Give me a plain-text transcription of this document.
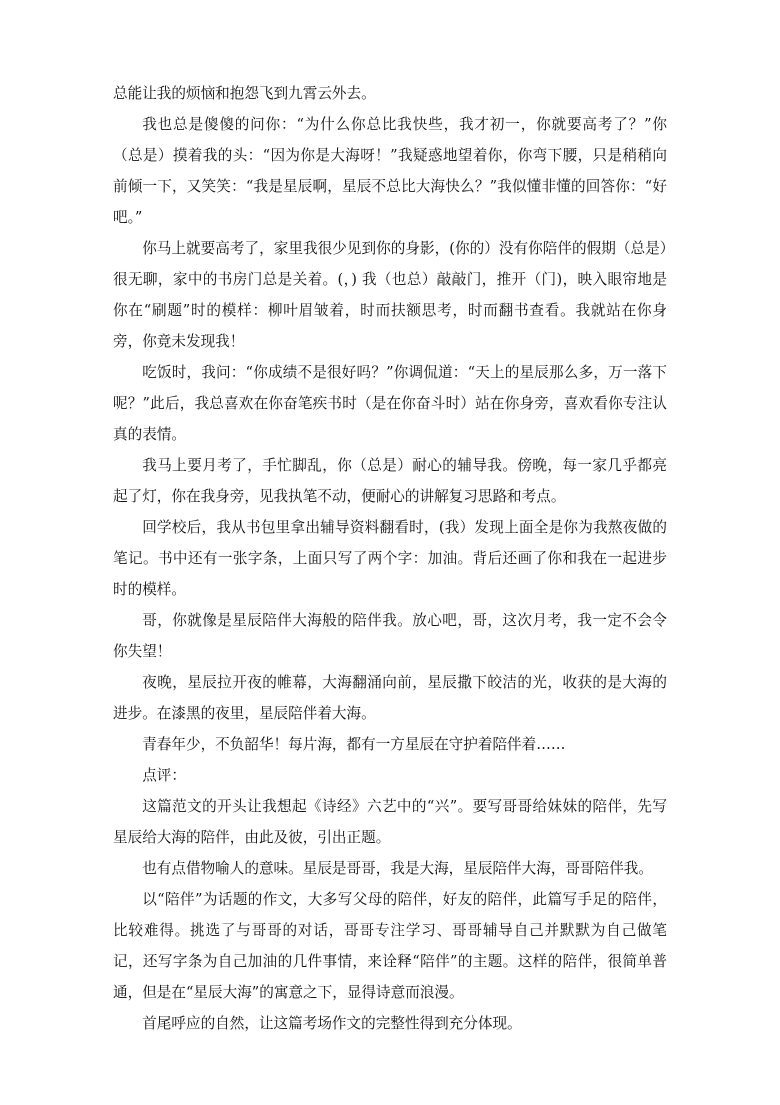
总能让我的烦恼和抱怨飞到九霄云外去。

我也总是傻傻的问你：“为什么你总比我快些，我才初一，你就要高考了？”你（总是）摸着我的头：“因为你是大海呀！”我疑惑地望着你，你弯下腰，只是稍稍向前倾一下，又笑笑：“我是星辰啊，星辰不总比大海快么？”我似懂非懂的回答你：“好吧。”

你马上就要高考了，家里我很少见到你的身影，(你的）没有你陪伴的假期（总是）很无聊，家中的书房门总是关着。(，) 我（也总）敲敲门，推开（门)，映入眼帘地是你在“刷题”时的模样：柳叶眉皱着，时而扶额思考，时而翻书查看。我就站在你身旁，你竟未发现我！

吃饭时，我问：“你成绩不是很好吗？”你调侃道：“天上的星辰那么多，万一落下呢？”此后，我总喜欢在你奋笔疾书时（是在你奋斗时）站在你身旁，喜欢看你专注认真的表情。

我马上要月考了，手忙脚乱，你（总是）耐心的辅导我。傍晚，每一家几乎都亮起了灯，你在我身旁，见我执笔不动，便耐心的讲解复习思路和考点。

回学校后，我从书包里拿出辅导资料翻看时，(我）发现上面全是你为我熬夜做的笔记。书中还有一张字条，上面只写了两个字：加油。背后还画了你和我在一起进步时的模样。

哥，你就像是星辰陪伴大海般的陪伴我。放心吧，哥，这次月考，我一定不会令你失望！

夜晚，星辰拉开夜的帷幕，大海翻涌向前，星辰撒下皎洁的光，收获的是大海的进步。在漆黑的夜里，星辰陪伴着大海。

青春年少，不负韶华！每片海，都有一方星辰在守护着陪伴着……

点评：

这篇范文的开头让我想起《诗经》六艺中的“兴”。要写哥哥给妹妹的陪伴，先写星辰给大海的陪伴，由此及彼，引出正题。

也有点借物喻人的意味。星辰是哥哥，我是大海，星辰陪伴大海，哥哥陪伴我。

以“陪伴”为话题的作文，大多写父母的陪伴，好友的陪伴，此篇写手足的陪伴，比较难得。挑选了与哥哥的对话，哥哥专注学习、哥哥辅导自己并默默为自己做笔记，还写字条为自己加油的几件事情，来诠释“陪伴”的主题。这样的陪伴，很简单普通，但是在“星辰大海”的寓意之下，显得诗意而浪漫。

首尾呼应的自然，让这篇考场作文的完整性得到充分体现。
